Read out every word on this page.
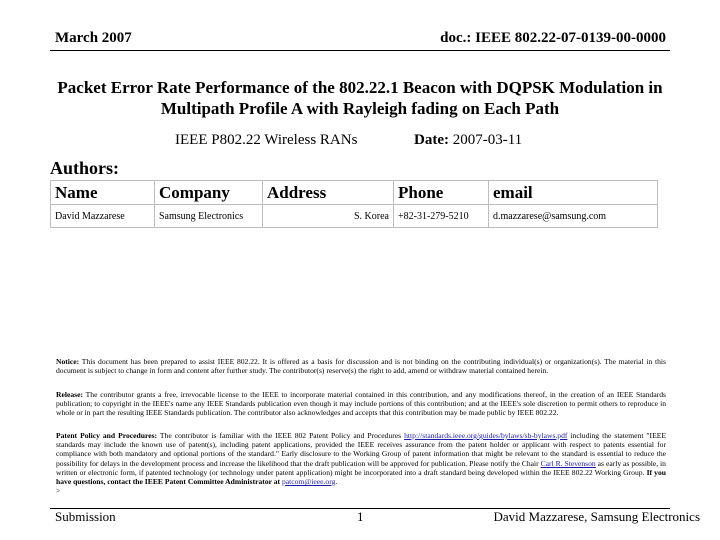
March 2007	doc.: IEEE 802.22-07-0139-00-0000
Packet Error Rate Performance of the 802.22.1 Beacon with DQPSK Modulation in
Multipath Profile A with Rayleigh fading on Each Path
IEEE P802.22 Wireless RANs	Date: 2007-03-11
Authors:
Name	Company	Address	Phone	email
David Mazzarese	Samsung Electronics	S. Korea	+82-31-279-5210	d.mazzarese@samsung.com
Notice: This document has been prepared to assist IEEE 802.22. It is offered as a basis for discussion and is not binding on the contributing individual(s) or organization(s). The material in this document is subject to change in form and content after further study. The contributor(s) reserve(s) the right to add, amend or withdraw material contained herein.
Release: The contributor grants a free, irrevocable license to the IEEE to incorporate material contained in this contribution, and any modifications thereof, in the creation of an IEEE Standards publication; to copyright in the IEEE's name any IEEE Standards publication even though it may include portions of this contribution; and at the IEEE's sole discretion to permit others to reproduce in whole or in part the resulting IEEE Standards publication. The contributor also acknowledges and accepts that this contribution may be made public by IEEE 802.22.
Patent Policy and Procedures: The contributor is familiar with the IEEE 802 Patent Policy and Procedures http://standards.ieee.org/guides/bylaws/sb-bylaws.pdf including the statement "IEEE standards may include the known use of patent(s), including patent applications, provided the IEEE receives assurance from the patent holder or applicant with respect to patents essential for compliance with both mandatory and optional portions of the standard." Early disclosure to the Working Group of patent information that might be relevant to the standard is essential to reduce the possibility for delays in the development process and increase the likelihood that the draft publication will be approved for publication. Please notify the Chair Carl R. Stevenson as early as possible, in written or electronic form, if patented technology (or technology under patent application) might be incorporated into a draft standard being developed within the IEEE 802.22 Working Group. If you have questions, contact the IEEE Patent Committee Administrator at patcom@ieee.org.
>
Submission	1	David Mazzarese, Samsung Electronics
